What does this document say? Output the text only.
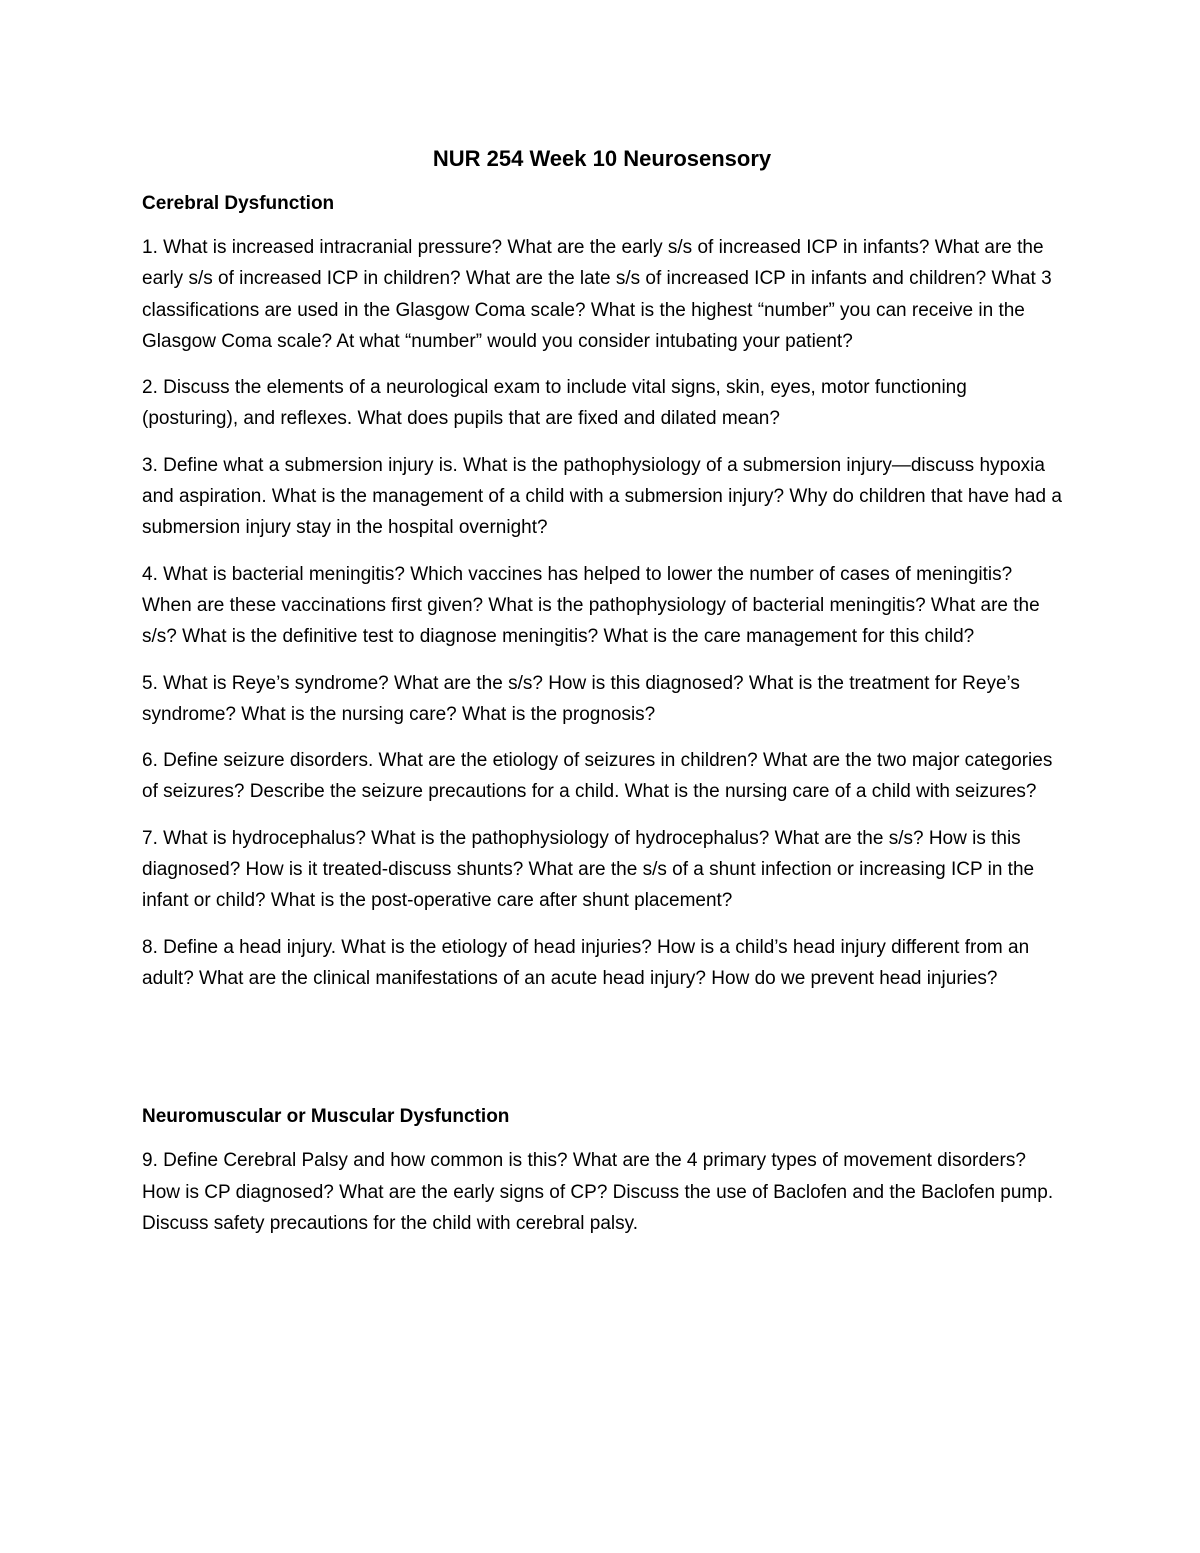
NUR 254 Week 10 Neurosensory
Cerebral Dysfunction

1. What is increased intracranial pressure? What are the early s/s of increased ICP in infants? What are the early s/s of increased ICP in children? What are the late s/s of increased ICP in infants and children? What 3 classifications are used in the Glasgow Coma scale? What is the highest “number” you can receive in the Glasgow Coma scale? At what “number” would you consider intubating your patient?

2. Discuss the elements of a neurological exam to include vital signs, skin, eyes, motor functioning (posturing), and reflexes. What does pupils that are fixed and dilated mean?

3. Define what a submersion injury is. What is the pathophysiology of a submersion injury—discuss hypoxia and aspiration. What is the management of a child with a submersion injury? Why do children that have had a submersion injury stay in the hospital overnight?

4. What is bacterial meningitis? Which vaccines has helped to lower the number of cases of meningitis? When are these vaccinations first given? What is the pathophysiology of bacterial meningitis? What are the s/s? What is the definitive test to diagnose meningitis? What is the care management for this child?

5. What is Reye’s syndrome? What are the s/s? How is this diagnosed? What is the treatment for Reye’s syndrome? What is the nursing care? What is the prognosis?

6. Define seizure disorders. What are the etiology of seizures in children? What are the two major categories of seizures? Describe the seizure precautions for a child. What is the nursing care of a child with seizures?

7. What is hydrocephalus? What is the pathophysiology of hydrocephalus? What are the s/s? How is this diagnosed? How is it treated-discuss shunts? What are the s/s of a shunt infection or increasing ICP in the infant or child? What is the post-operative care after shunt placement?

8. Define a head injury. What is the etiology of head injuries? How is a child’s head injury different from an adult? What are the clinical manifestations of an acute head injury? How do we prevent head injuries?

Neuromuscular or Muscular Dysfunction

9. Define Cerebral Palsy and how common is this? What are the 4 primary types of movement disorders? How is CP diagnosed? What are the early signs of CP? Discuss the use of Baclofen and the Baclofen pump. Discuss safety precautions for the child with cerebral palsy.
